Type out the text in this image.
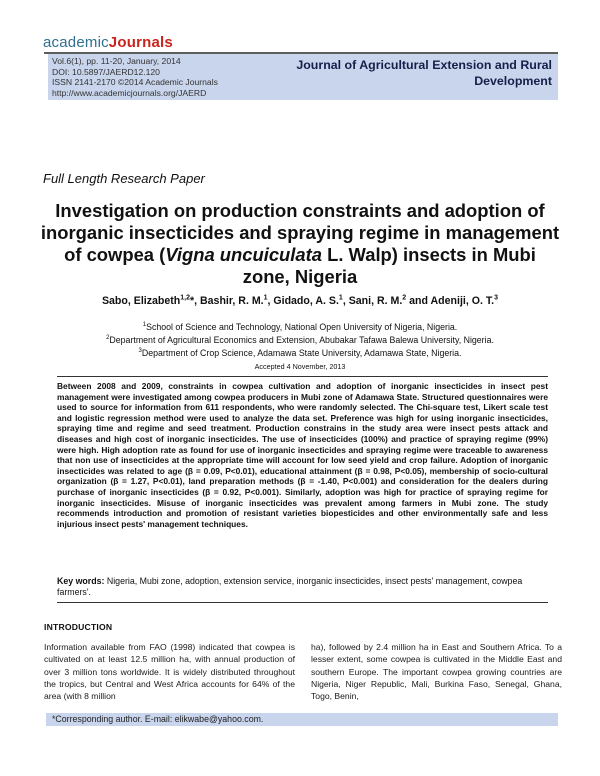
academicJournals
Vol.6(1), pp. 11-20, January, 2014
DOI: 10.5897/JAERD12.120
ISSN 2141-2170 ©2014 Academic Journals
http://www.academicjournals.org/JAERD
Journal of Agricultural Extension and Rural Development
Full Length Research Paper
Investigation on production constraints and adoption of inorganic insecticides and spraying regime in management of cowpea (Vigna uncuiculata L. Walp) insects in Mubi zone, Nigeria
Sabo, Elizabeth$^{1,2}$*, Bashir, R. M.$^1$, Gidado, A. S.$^1$, Sani, R. M.$^2$ and Adeniji, O. T.$^3$
$^1$School of Science and Technology, National Open University of Nigeria, Nigeria.
$^2$Department of Agricultural Economics and Extension, Abubakar Tafawa Balewa University, Nigeria.
$^3$Department of Crop Science, Adamawa State University, Adamawa State, Nigeria.
Accepted 4 November, 2013
Between 2008 and 2009, constraints in cowpea cultivation and adoption of inorganic insecticides in insect pest management were investigated among cowpea producers in Mubi zone of Adamawa State. Structured questionnaires were used to source for information from 611 respondents, who were randomly selected. The Chi-square test, Likert scale test and logistic regression method were used to analyze the data set. Preference was high for using inorganic insecticides, spraying time and regime and seed treatment. Production constrains in the study area were insect pests attack and diseases and high cost of inorganic insecticides. The use of insecticides (100%) and practice of spraying regime (99%) were high. High adoption rate as found for use of inorganic insecticides and spraying regime were traceable to awareness that non use of insecticides at the appropriate time will account for low seed yield and crop failure. Adoption of inorganic insecticides was related to age (β = 0.09, P<0.01), educational attainment (β = 0.98, P<0.05), membership of socio-cultural organization (β = 1.27, P<0.01), land preparation methods (β = -1.40, P<0.001) and consideration for the dealers during purchase of inorganic insecticides (β = 0.92, P<0.001). Similarly, adoption was high for practice of spraying regime for inorganic insecticides. Misuse of inorganic insecticides was prevalent among farmers in Mubi zone. The study recommends introduction and promotion of resistant varieties biopesticides and other environmentally safe and less injurious insect pests' management techniques.
Key words: Nigeria, Mubi zone, adoption, extension service, inorganic insecticides, insect pests' management, cowpea farmers'.
INTRODUCTION
Information available from FAO (1998) indicated that cowpea is cultivated on at least 12.5 million ha, with annual production of over 3 million tons worldwide. It is widely distributed throughout the tropics, but Central and West Africa accounts for 64% of the area (with 8 million
ha), followed by 2.4 million ha in East and Southern Africa. To a lesser extent, some cowpea is cultivated in the Middle East and southern Europe. The important cowpea growing countries are Nigeria, Niger Republic, Mali, Burkina Faso, Senegal, Ghana, Togo, Benin,
*Corresponding author. E-mail: elikwabe@yahoo.com.
